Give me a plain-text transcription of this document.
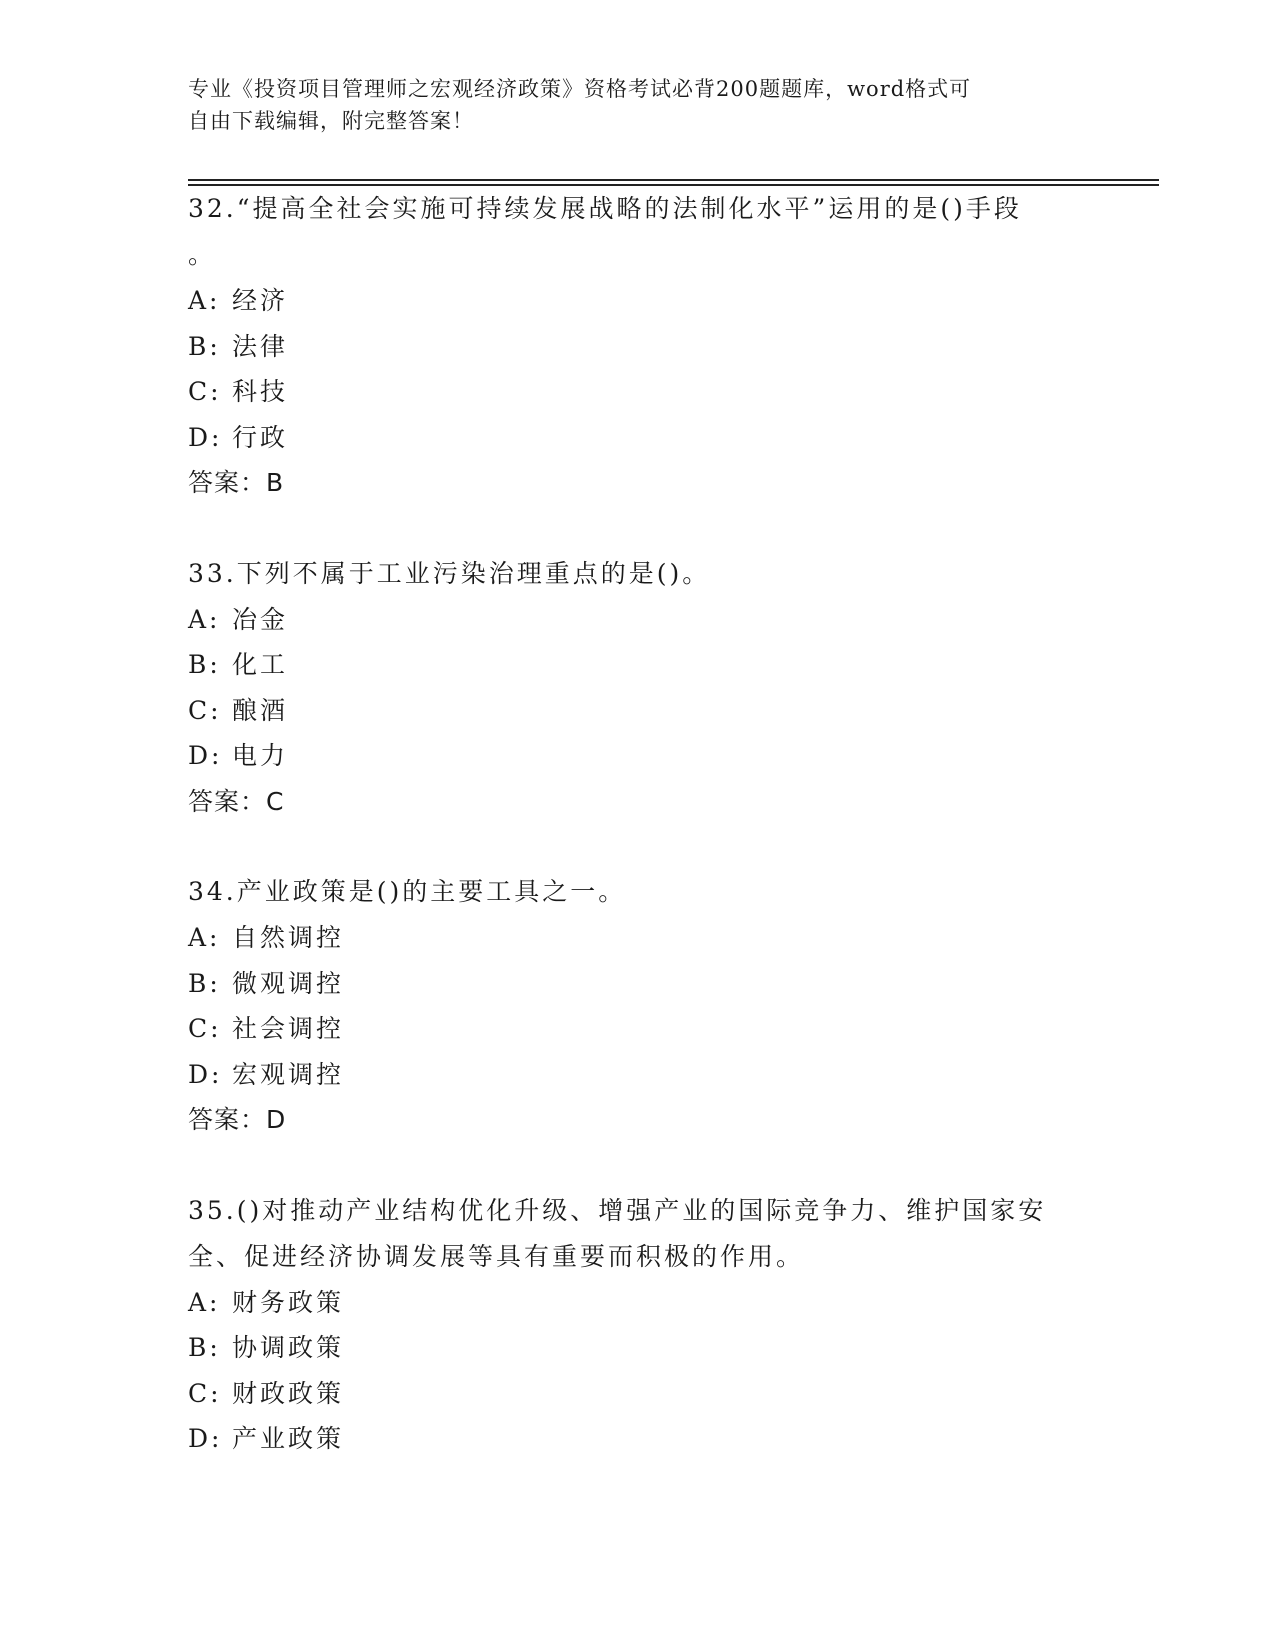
专业《投资项目管理师之宏观经济政策》资格考试必背200题题库，word格式可
自由下载编辑，附完整答案！

32.“提高全社会实施可持续发展战略的法制化水平”运用的是()手段

。

A: 经济

B: 法律

C: 科技

D: 行政

答案：B

33.下列不属于工业污染治理重点的是()。

A: 冶金

B: 化工

C: 酿酒

D: 电力

答案：C

34.产业政策是()的主要工具之一。

A: 自然调控

B: 微观调控

C: 社会调控

D: 宏观调控

答案：D

35.()对推动产业结构优化升级、增强产业的国际竞争力、维护国家安

全、促进经济协调发展等具有重要而积极的作用。

A: 财务政策

B: 协调政策

C: 财政政策

D: 产业政策
